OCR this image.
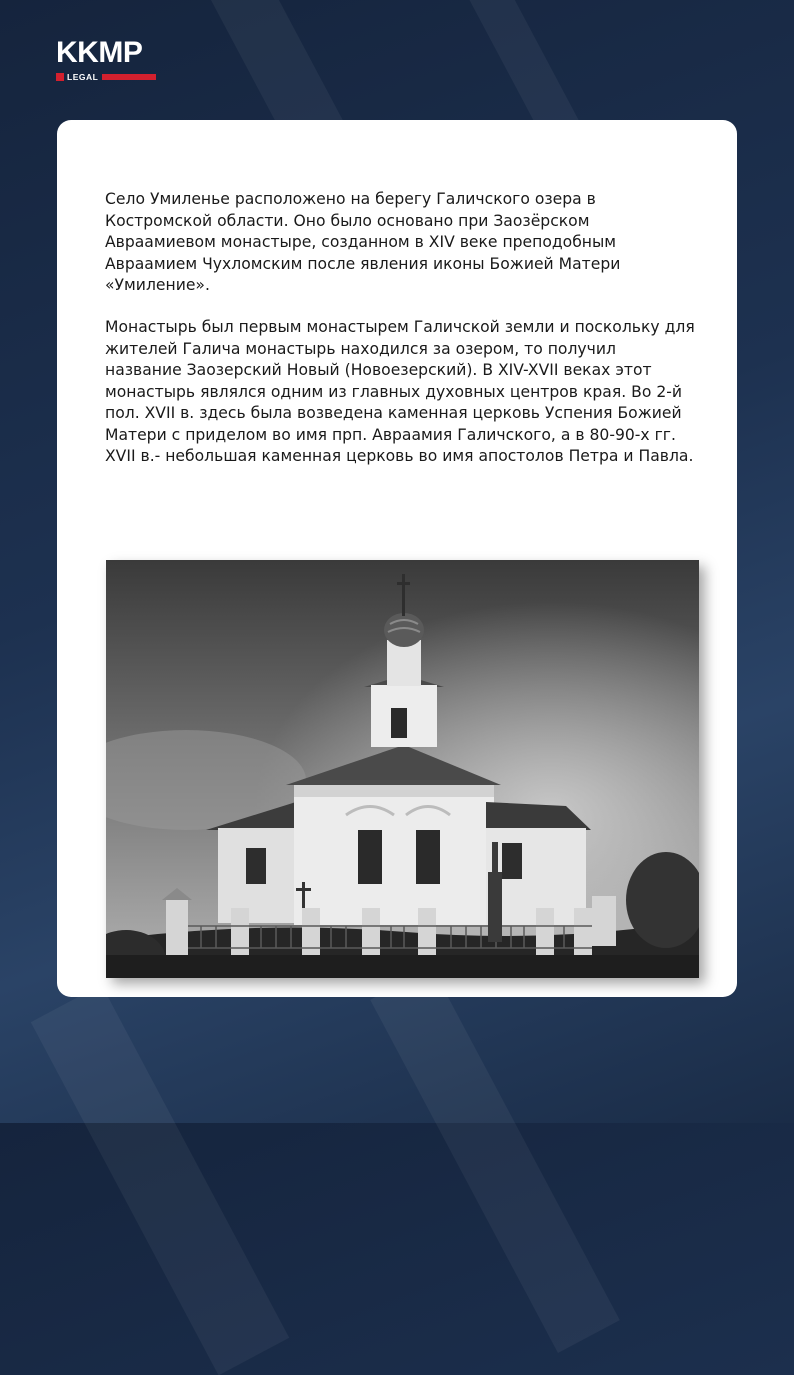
KKMP
LEGAL

Село Умиленье расположено на берегу Галичского озера в Костромской области. Оно было основано при Заозёрском Авраамиевом монастыре, созданном в XIV веке преподобным Авраамием Чухломским после явления иконы Божией Матери «Умиление».

Монастырь был первым монастырем Галичской земли и поскольку для жителей Галича монастырь находился за озером, то получил название Заозерский Новый (Новоезерский). В XIV-XVII веках этот монастырь являлся одним из главных духовных центров края. Во 2-й пол. XVII в. здесь была возведена каменная церковь Успения Божией Матери с приделом во имя прп. Авраамия Галичского, а в 80-90-х гг. XVII в.- небольшая каменная церковь во имя апостолов Петра и Павла.
